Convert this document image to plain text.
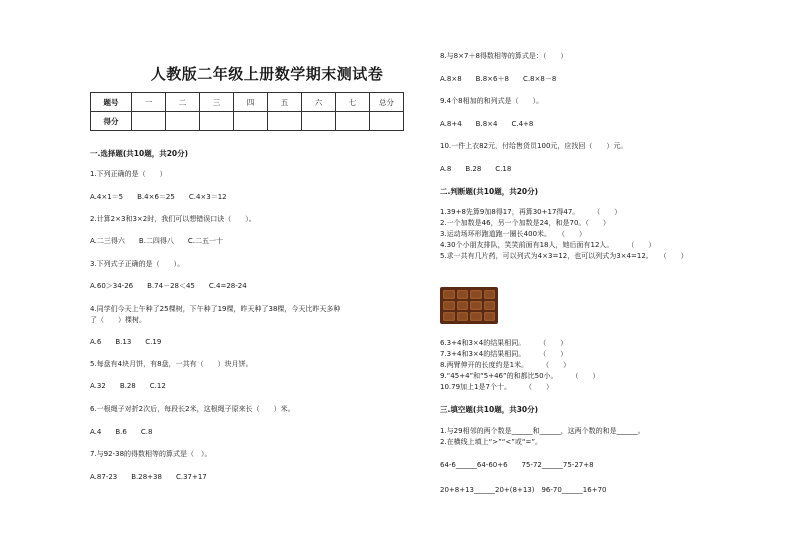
人教版二年级上册数学期末测试卷
题号	一	二	三	四	五	六	七	总分
得分								
一.选择题(共10题，共20分)
1.下列正确的是（　　）
A.4×1＝5 B.4×6＝25 C.4×3＝12
2.计算2×3和3×2时，我们可以想错误口诀（　　）。
A.二三得六 B.二四得八 C.二五一十
3.下列式子正确的是（　　）。
A.60＞34-26 B.74－28＜45 C.4=28-24
4.同学们今天上午种了25棵树，下午种了19棵，昨天种了38棵，今天比昨天多种
了（　　）棵树。
A.6 B.13 C.19
5.每盘有4块月饼，有8盘，一共有（　　）块月饼。
A.32 B.28 C.12
6.一根绳子对折2次后，每段长2米，这根绳子原来长（　　）米。
A.4 B.6 C.8
7.与92-38的得数相等的算式是（　）。
A.87-23 B.28+38 C.37+17
8.与8×7＋8得数相等的算式是：（　　）
A.8×8 B.8×6＋8 C.8×8－8
9.4个8相加的和列式是（　　）。
A.8+4 B.8×4 C.4+8
10.一件上衣82元，付给售货员100元，应找回（　　）元。
A.8 B.28 C.18
二.判断题(共10题，共20分)
1.39+8先算9加8得17，再算30+17得47。　　　（　　）
2.一个加数是46，另一个加数是24，和是70。（　　）
3.运动场环形跑道跑一圈长400米。　　（　　）
4.30个小朋友排队，笑笑前面有18人，她后面有12人。　　　（　　）
5.求一共有几片药，可以列式为4×3=12，也可以列式为3×4=12。　　（　　）
6.3+4和3×4的结果相同。　　　（　　）
7.3+4和3×4的结果相同。　　　（　　）
8.两臂伸开的长度约是1米。　　　（　　）
9.“45+4”和“5+46”的和都比50小。　　　（　　）
10.79加上1是7个十。　　　（　　）
三.填空题(共10题，共30分)
1.与29相邻的两个数是______和______，这两个数的和是______。
2.在横线上填上“>”“<”或“=”。
64-6______64-60+6　　75-72______75-27+8
20+8+13______20+(8+13)　96-70______16+70
